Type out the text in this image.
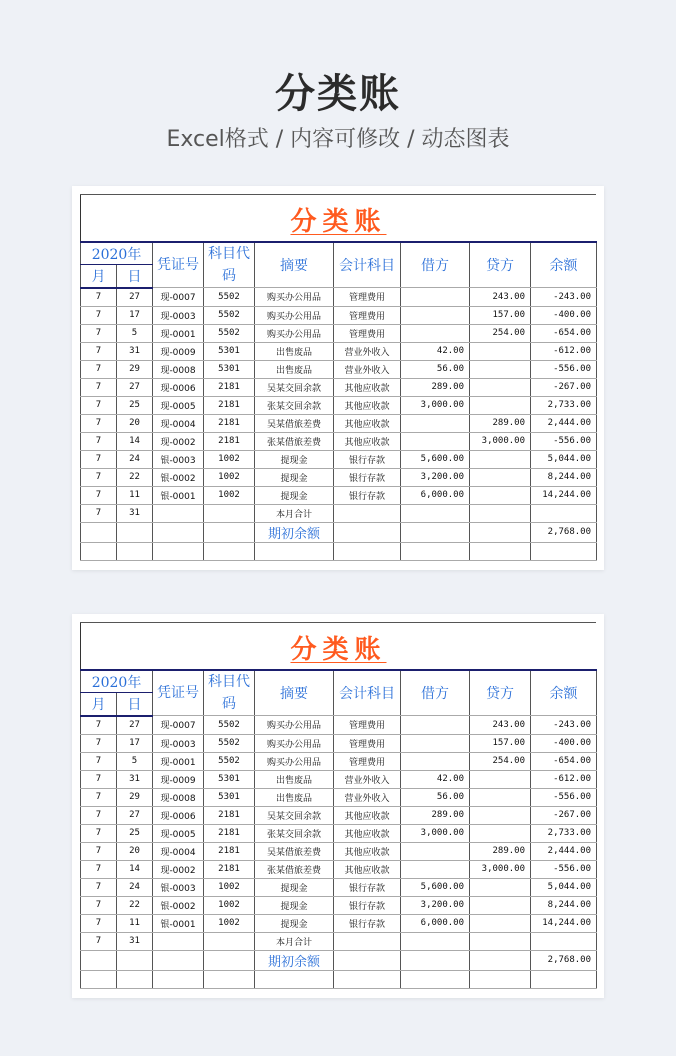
分类账
Excel格式 / 内容可修改 / 动态图表
分类账
2020年		凭证号	科目代码	摘要	会计科目	借方	贷方	余额
月	日							
7	27	现-0007	5502	购买办公用品	管理费用		243.00	-243.00
7	17	现-0003	5502	购买办公用品	管理费用		157.00	-400.00
7	5	现-0001	5502	购买办公用品	管理费用		254.00	-654.00
7	31	现-0009	5301	出售废品	营业外收入	42.00		-612.00
7	29	现-0008	5301	出售废品	营业外收入	56.00		-556.00
7	27	现-0006	2181	吴某交回余款	其他应收款	289.00		-267.00
7	25	现-0005	2181	张某交回余款	其他应收款	3,000.00		2,733.00
7	20	现-0004	2181	吴某借旅差费	其他应收款		289.00	2,444.00
7	14	现-0002	2181	张某借旅差费	其他应收款		3,000.00	-556.00
7	24	银-0003	1002	提现金	银行存款	5,600.00		5,044.00
7	22	银-0002	1002	提现金	银行存款	3,200.00		8,244.00
7	11	银-0001	1002	提现金	银行存款	6,000.00		14,244.00
7	31			本月合计				
				期初余额				2,768.00

分类账
2020年		凭证号	科目代码	摘要	会计科目	借方	贷方	余额
月	日							
7	27	现-0007	5502	购买办公用品	管理费用		243.00	-243.00
7	17	现-0003	5502	购买办公用品	管理费用		157.00	-400.00
7	5	现-0001	5502	购买办公用品	管理费用		254.00	-654.00
7	31	现-0009	5301	出售废品	营业外收入	42.00		-612.00
7	29	现-0008	5301	出售废品	营业外收入	56.00		-556.00
7	27	现-0006	2181	吴某交回余款	其他应收款	289.00		-267.00
7	25	现-0005	2181	张某交回余款	其他应收款	3,000.00		2,733.00
7	20	现-0004	2181	吴某借旅差费	其他应收款		289.00	2,444.00
7	14	现-0002	2181	张某借旅差费	其他应收款		3,000.00	-556.00
7	24	银-0003	1002	提现金	银行存款	5,600.00		5,044.00
7	22	银-0002	1002	提现金	银行存款	3,200.00		8,244.00
7	11	银-0001	1002	提现金	银行存款	6,000.00		14,244.00
7	31			本月合计				
				期初余额				2,768.00
